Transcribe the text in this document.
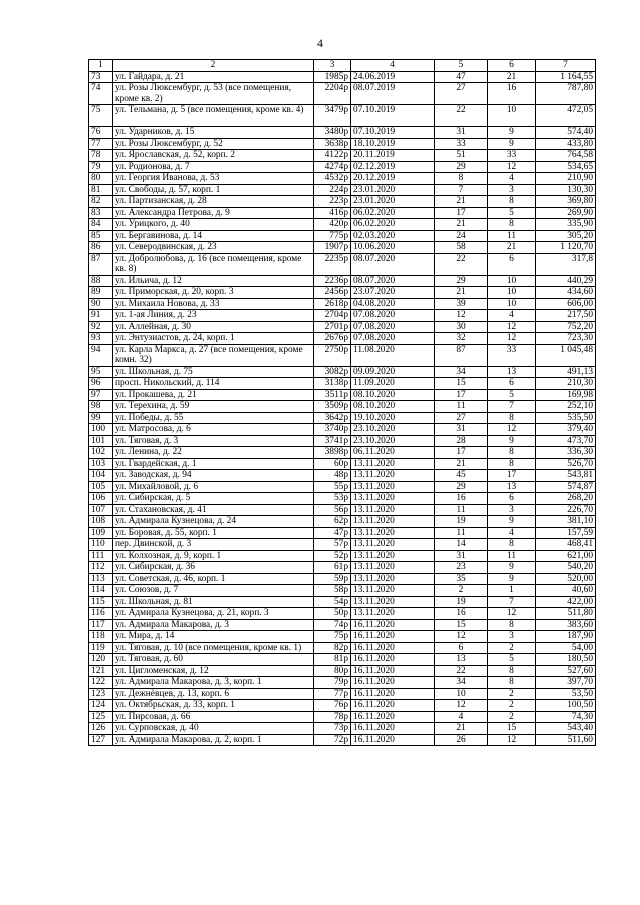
4
1	2	3	4	5	6	7
73	ул. Гайдара, д. 21	1985р	24.06.2019	47	21	1 164,55
74	ул. Розы Люксембург, д. 53 (все помещения, кроме кв. 2)	2204р	08.07.2019	27	16	787,80
75	ул. Тельмана, д. 5 (все помещения, кроме кв. 4)	3479р	07.10.2019	22	10	472,05
76	ул. Ударников, д. 15	3480р	07.10.2019	31	9	574,40
77	ул. Розы Люксембург, д. 52	3638р	18.10.2019	33	9	433,80
78	ул. Ярославская, д. 52, корп. 2	4122р	20.11.2019	51	33	764,58
79	ул. Родионова, д. 7	4274р	02.12.2019	29	12	534,65
80	ул. Георгия Иванова, д. 53	4532р	20.12.2019	8	4	210,90
81	ул. Свободы, д. 57, корп. 1	224р	23.01.2020	7	3	130,30
82	ул. Партизанская, д. 28	223р	23.01.2020	21	8	369,80
83	ул. Александра Петрова, д. 9	416р	06.02.2020	17	5	269,90
84	ул. Урицкого, д. 40	420р	06.02.2020	21	8	335,90
85	ул. Бергавинова, д. 14	775р	02.03.2020	24	11	305,20
86	ул. Северодвинская, д. 23	1907р	10.06.2020	58	21	1 120,70
87	ул. Добролюбова, д. 16 (все помещения, кроме кв. 8)	2235р	08.07.2020	22	6	317,8
88	ул. Ильича, д. 12	2236р	08.07.2020	29	10	440,29
89	ул. Приморская, д. 20, корп. 3	2456р	23.07.2020	21	10	434,60
90	ул. Михаила Новова, д. 33	2618р	04.08.2020	39	10	606,00
91	ул. 1-ая Линия, д. 23	2704р	07.08.2020	12	4	217,50
92	ул. Аллейная, д. 30	2701р	07.08.2020	30	12	752,20
93	ул. Энтузиастов, д. 24, корп. 1	2676р	07.08.2020	32	12	723,30
94	ул. Карла Маркса, д. 27 (все помещения, кроме комн. 32)	2750р	11.08.2020	87	33	1 045,48
95	ул. Школьная, д. 75	3082р	09.09.2020	34	13	491,13
96	просп. Никольский, д. 114	3138р	11.09.2020	15	6	210,30
97	ул. Прокашева, д. 21	3511р	08.10.2020	17	5	169,98
98	ул. Терехина, д. 59	3509р	08.10.2020	11	7	252,10
99	ул. Победы, д. 55	3642р	19.10.2020	27	8	535,50
100	ул. Матросова, д. 6	3740р	23.10.2020	31	12	379,40
101	ул. Тяговая, д. 3	3741р	23.10.2020	28	9	473,70
102	ул. Ленина, д. 22	3898р	06.11.2020	17	8	336,30
103	ул. Гвардейская, д. 1	60р	13.11.2020	21	8	526,70
104	ул. Заводская, д. 94	48р	13.11.2020	45	17	543,81
105	ул. Михайловой, д. 6	55р	13.11.2020	29	13	574,87
106	ул. Сибирская, д. 5	53р	13.11.2020	16	6	268,20
107	ул. Стахановская, д. 41	56р	13.11.2020	11	3	226,70
108	ул. Адмирала Кузнецова, д. 24	62р	13.11.2020	19	9	381,10
109	ул. Боровая, д. 55, корп. 1	47р	13.11.2020	11	4	157,59
110	пер. Двинской, д. 3	57р	13.11.2020	14	8	468,41
111	ул. Колхозная, д. 9, корп. 1	52р	13.11.2020	31	11	621,00
112	ул. Сибирская, д. 36	61р	13.11.2020	23	9	540,20
113	ул. Советская, д. 46, корп. 1	59р	13.11.2020	35	9	520,00
114	ул. Союзов, д. 7	58р	13.11.2020	2	1	40,60
115	ул. Школьная, д. 81	54р	13.11.2020	19	7	422,00
116	ул. Адмирала Кузнецова, д. 21, корп. 3	50р	13.11.2020	16	12	511,80
117	ул. Адмирала Макарова, д. 3	74р	16.11.2020	15	8	383,60
118	ул. Мира, д. 14	75р	16.11.2020	12	3	187,90
119	ул. Тяговая, д. 10 (все помещения, кроме кв. 1)	82р	16.11.2020	6	2	54,00
120	ул. Тяговая, д. 60	81р	16.11.2020	13	5	180,50
121	ул. Цигломенская, д. 12	80р	16.11.2020	22	8	527,60
122	ул. Адмирала Макарова, д. 3, корп. 1	79р	16.11.2020	34	8	397,70
123	ул. Дежнёвцев, д. 13, корп. 6	77р	16.11.2020	10	2	53,50
124	ул. Октябрьская, д. 33, корп. 1	76р	16.11.2020	12	2	100,50
125	ул. Пирсовая, д. 66	78р	16.11.2020	4	2	74,30
126	ул. Сурповская, д. 40	73р	16.11.2020	21	15	543,40
127	ул. Адмирала Макарова, д. 2, корп. 1	72р	16.11.2020	26	12	511,60
